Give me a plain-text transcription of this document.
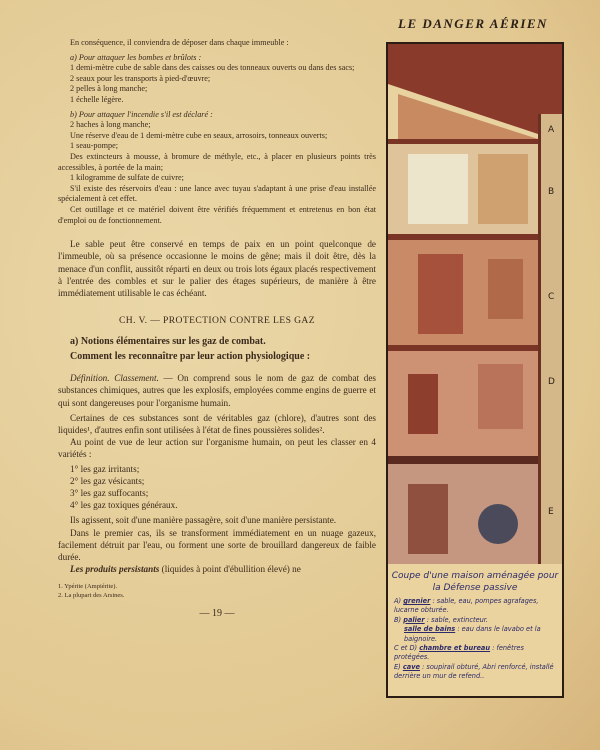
LE DANGER AÉRIEN

En conséquence, il conviendra de déposer dans chaque immeuble :

a) Pour attaquer les bombes et brûlots :

1 demi-mètre cube de sable dans des caisses ou des tonneaux ouverts ou dans des sacs;

2 seaux pour les transports à pied-d'œuvre;

2 pelles à long manche;

1 échelle légère.

b) Pour attaquer l'incendie s'il est déclaré :

2 haches à long manche;

Une réserve d'eau de 1 demi-mètre cube en seaux, arrosoirs, tonneaux ouverts;

1 seau-pompe;

Des extincteurs à mousse, à bromure de méthyle, etc., à placer en plusieurs points très accessibles, à portée de la main;

1 kilogramme de sulfate de cuivre;

S'il existe des réservoirs d'eau : une lance avec tuyau s'adaptant à une prise d'eau installée spécialement à cet effet.

Cet outillage et ce matériel doivent être vérifiés fréquemment et entretenus en bon état d'emploi ou de fonctionnement.

Le sable peut être conservé en temps de paix en un point quelconque de l'immeuble, où sa présence occasionne le moins de gêne; mais il doit être, dès la menace d'un conflit, aussitôt réparti en deux ou trois lots égaux placés respectivement à l'entrée des combles et sur le palier des étages supérieurs, de manière à être immédiatement utilisable le cas échéant.

CH. V. — PROTECTION CONTRE LES GAZ
a) Notions élémentaires sur les gaz de combat.
Comment les reconnaître par leur action physiologique :

Définition. Classement. — On comprend sous le nom de gaz de combat des substances chimiques, autres que les explosifs, employées comme engins de guerre et qui sont dangereuses pour l'organisme humain.

Certaines de ces substances sont de véritables gaz (chlore), d'autres sont des liquides¹, d'autres enfin sont utilisées à l'état de fines poussières solides².

Au point de vue de leur action sur l'organisme humain, on peut les classer en 4 variétés :

1° les gaz irritants;

2° les gaz vésicants;

3° les gaz suffocants;

4° les gaz toxiques généraux.

Ils agissent, soit d'une manière passagère, soit d'une manière persistante.

Dans le premier cas, ils se transforment immédiatement en un nuage gazeux, facilement détruit par l'eau, ou forment une sorte de brouillard dangereux de faible durée.

Les produits persistants (liquides à point d'ébullition élevé) ne

1. Ypérite (Ampiérite).
2. La plupart des Arsines.
— 19 —
A
B
C
D
E
Coupe d'une maison aménagée pour la Défense passive
A) grenier : sable, eau, pompes agrafages, lucarne obturée.
B) palier : sable, extincteur.
salle de bains : eau dans le lavabo et la baignoire.
C et D) chambre et bureau : fenêtres protégées.
E) cave : soupirail obturé, Abri renforcé, installé derrière un mur de refend..
